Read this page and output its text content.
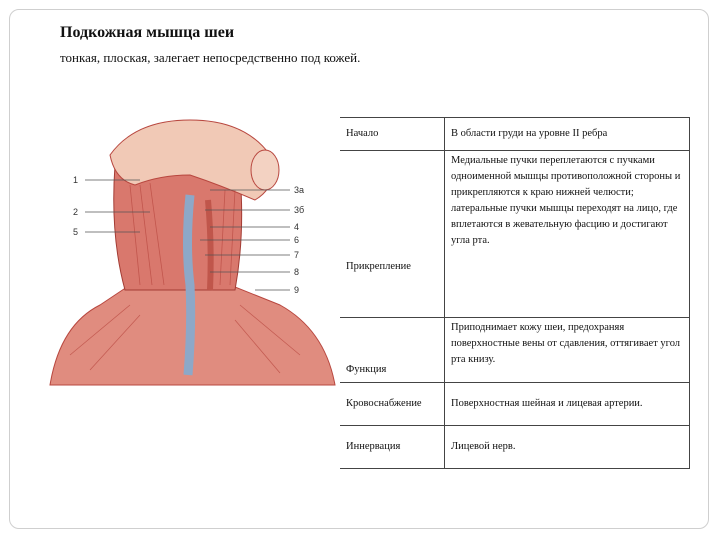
Подкожная мышца шеи
тонкая, плоская, залегает непосредственно под кожей.
1
2
5
3а
3б
4
6
7
8
9
Начало	В области груди на уровне II ребра
Прикрепление	Медиальные пучки переплетаются с пучками одноименной мышцы противоположной стороны и прикрепляются к краю нижней челюсти; латеральные пучки мышцы переходят на лицо, где вплетаются в жевательную фасцию и достигают угла рта.
Функция	Приподнимает кожу шеи, предохраняя поверхностные вены от сдавления, оттягивает угол рта книзу.
Кровоснабжение	Поверхностная шейная и лицевая артерии.
Иннервация	Лицевой нерв.
